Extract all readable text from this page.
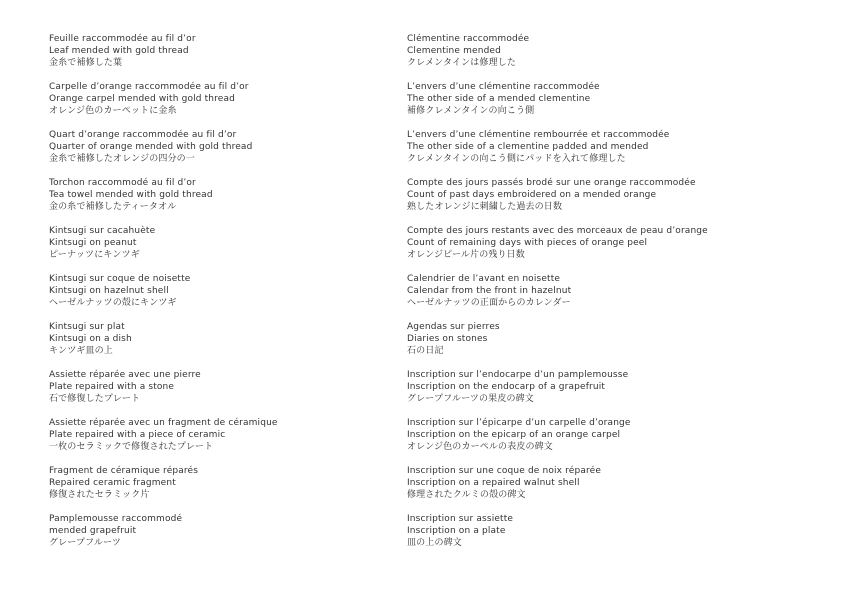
Feuille raccommodée au fil d’or
Leaf mended with gold thread
金糸で補修した葉
Carpelle d’orange raccommodée au fil d’or
Orange carpel mended with gold thread
オレンジ色のカーペットに金糸
Quart d’orange raccommodée au fil d’or
Quarter of orange mended with gold thread
金糸で補修したオレンジの四分の一
Torchon raccommodé au fil d’or
Tea towel mended with gold thread
金の糸で補修したティータオル
Kintsugi sur cacahuète
Kintsugi on peanut
ピーナッツにキンツギ
Kintsugi sur coque de noisette
Kintsugi on hazelnut shell
ヘーゼルナッツの殻にキンツギ
Kintsugi sur plat
Kintsugi on a dish
キンツギ皿の上
Assiette réparée avec une pierre
Plate repaired with a stone
石で修復したプレート
Assiette réparée avec un fragment de céramique
Plate repaired with a piece of ceramic
一枚のセラミックで修復されたプレート
Fragment de céramique réparés
Repaired ceramic fragment
修復されたセラミック片
Pamplemousse raccommodé
mended grapefruit
グレープフルーツ
Clémentine raccommodée
Clementine mended
クレメンタインは修理した
L’envers d’une clémentine raccommodée
The other side of a mended clementine
補修クレメンタインの向こう側
L’envers d’une clémentine rembourrée et raccommodée
The other side of a clementine padded and mended
クレメンタインの向こう側にパッドを入れて修理した
Compte des jours passés brodé sur une orange raccommodée
Count of past days embroidered on a mended orange
熟したオレンジに刺繍した過去の日数
Compte des jours restants avec des morceaux de peau d’orange
Count of remaining days with pieces of orange peel
オレンジピール片の残り日数
Calendrier de l’avant en noisette
Calendar from the front in hazelnut
ヘーゼルナッツの正面からのカレンダー
Agendas sur pierres
Diaries on stones
石の日記
Inscription sur l’endocarpe d’un pamplemousse
Inscription on the endocarp of a grapefruit
グレープフルーツの果皮の碑文
Inscription sur l’épicarpe d’un carpelle d’orange
Inscription on the epicarp of an orange carpel
オレンジ色のカーペルの表皮の碑文
Inscription sur une coque de noix réparée
Inscription on a repaired walnut shell
修理されたクルミの殻の碑文
Inscription sur assiette
Inscription on a plate
皿の上の碑文
